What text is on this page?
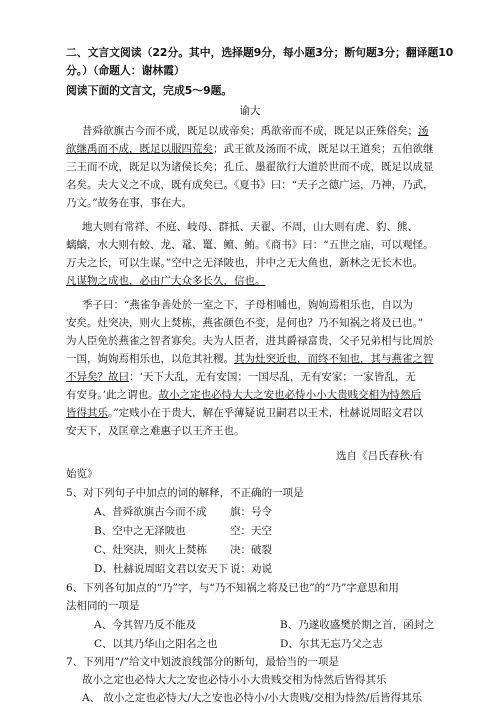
二、文言文阅读（22分。其中，选择题9分，每小题3分；断句题3分；翻译题10分。）（命题人：谢林霞）
阅读下面的文言文，完成5～9题。
谕大
昔舜欲旗古今而不成，既足以成帝矣；禹欲帝而不成，既足以正殊俗矣；汤
欲继禹而不成，既足以服四荒矣；武王欲及汤而不成，既足以王道矣；五伯欲继
三王而不成，既足以为诸侯长矣；孔丘、墨翟欲行大道於世而不成，既足以成显
名矣。夫大义之不成，既有成矣已。《夏书》曰：“天子之德广运，乃神，乃武，
乃文。”故务在事，事在大。
地大则有常祥、不庭、岐母、群抵、天翟、不周，山大则有虎、豹、熊、
螭螭，水大则有蛟、龙、鼋、鼍、鳣、鲔。《商书》曰：“五世之庙，可以观怪。
万夫之长，可以生谋。”空中之无泽陂也，井中之无大鱼也，新林之无长木也。
凡谋物之成也，必由广大众多长久，信也。
季子曰：“燕雀争善处於一室之下，子母相哺也，姁姁焉相乐也，自以为
安矣。灶突决，则火上焚栋，燕雀颜色不变，是何也？乃不知祸之将及已也。”
为人臣免於燕雀之智者寡矣。夫为人臣者，进其爵禄富贵，父子兄弟相与比周於
一国，姁姁焉相乐也，以危其社稷。其为灶突近也，而终不知也，其与燕雀之智
不异矣？故曰：‘天下大乱，无有安国；一国尽乱，无有安家；一家皆乱，无
有安身。’此之谓也。故小之定也必恃大大之安也必恃小小大贵贱交相为恃然后
皆得其乐。”定贱小在于贵大，解在乎薄疑说卫嗣君以王术，杜赫说周昭文君以
安天下，及匡章之难惠子以王齐王也。
选自《吕氏春秋·有
始览》
5、对下列句子中加点的词的解释，不正确的一项是
A、昔舜欲旗古今而不成 旗：号令
B、空中之无泽陂也	空：天空
C、灶突决，则火上焚栋 决：破裂
D、杜赫说周昭文君以安天下 说：劝说
6、下列各句加点的“乃”字，与“乃不知祸之将及已也”的“乃”字意思和用
法相同的一项是
A、今其智乃反不能及	B、乃遂收盛樊於期之首，函封之
C、以其乃华山之阳名之也	D、尔其无忘乃父之志
7、下列用“/”给文中划波浪线部分的断句，最恰当的一项是
故小之定也必恃大大之安也必恃小小大贵贱交相为恃然后皆得其乐
A、 故小之定也必恃大/大之安也必恃小/小大贵贱/交相为恃然/后皆得其乐
